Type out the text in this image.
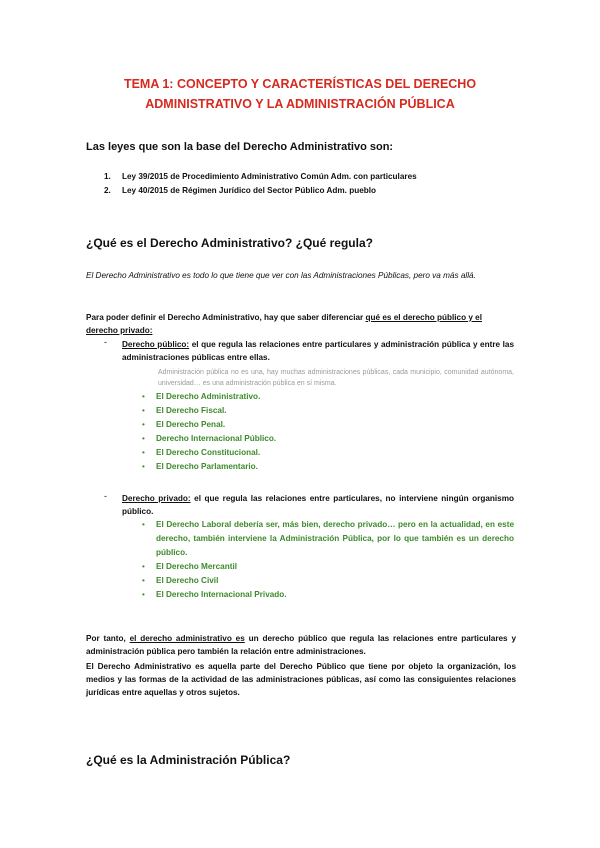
TEMA 1: CONCEPTO Y CARACTERÍSTICAS DEL DERECHO
ADMINISTRATIVO Y LA ADMINISTRACIÓN PÚBLICA
Las leyes que son la base del Derecho Administrativo son:
1. Ley 39/2015 de Procedimiento Administrativo Común Adm. con particulares
2. Ley 40/2015 de Régimen Jurídico del Sector Público Adm. pueblo
¿Qué es el Derecho Administrativo? ¿Qué regula?
El Derecho Administrativo es todo lo que tiene que ver con las Administraciones Públicas, pero va más allá.
Para poder definir el Derecho Administrativo, hay que saber diferenciar qué es el derecho público y el derecho privado:
- Derecho público: el que regula las relaciones entre particulares y administración pública y entre las administraciones públicas entre ellas.
Administración pública no es una, hay muchas administraciones públicas, cada municipio, comunidad autónoma, universidad… es una administración pública en sí misma.
• El Derecho Administrativo.
• El Derecho Fiscal.
• El Derecho Penal.
• Derecho Internacional Público.
• El Derecho Constitucional.
• El Derecho Parlamentario.
- Derecho privado: el que regula las relaciones entre particulares, no interviene ningún organismo público.
•	El Derecho Laboral debería ser, más bien, derecho privado… pero en la actualidad, en este derecho, también interviene la Administración Pública, por lo que también es un derecho público.
• El Derecho Mercantil
• El Derecho Civil
• El Derecho Internacional Privado.
Por tanto, el derecho administrativo es un derecho público que regula las relaciones entre particulares y administración pública pero también la relación entre administraciones.
El Derecho Administrativo es aquella parte del Derecho Público que tiene por objeto la organización, los medios y las formas de la actividad de las administraciones públicas, así como las consiguientes relaciones jurídicas entre aquellas y otros sujetos.
¿Qué es la Administración Pública?
